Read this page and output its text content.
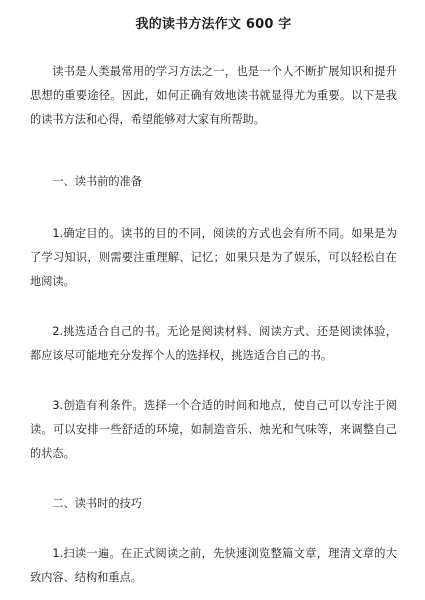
我的读书方法作文 600 字

读书是人类最常用的学习方法之一，也是一个人不断扩展知识和提升思想的重要途径。因此，如何正确有效地读书就显得尤为重要。以下是我的读书方法和心得，希望能够对大家有所帮助。

一、读书前的准备

1.确定目的。读书的目的不同，阅读的方式也会有所不同。如果是为了学习知识，则需要注重理解、记忆；如果只是为了娱乐，可以轻松自在地阅读。

2.挑选适合自己的书。无论是阅读材料、阅读方式、还是阅读体验，都应该尽可能地充分发挥个人的选择权，挑选适合自己的书。

3.创造有利条件。选择一个合适的时间和地点，使自己可以专注于阅读。可以安排一些舒适的环境，如制造音乐、烛光和气味等，来调整自己的状态。

二、读书时的技巧

1.扫读一遍。在正式阅读之前，先快速浏览整篇文章，理清文章的大致内容、结构和重点。
